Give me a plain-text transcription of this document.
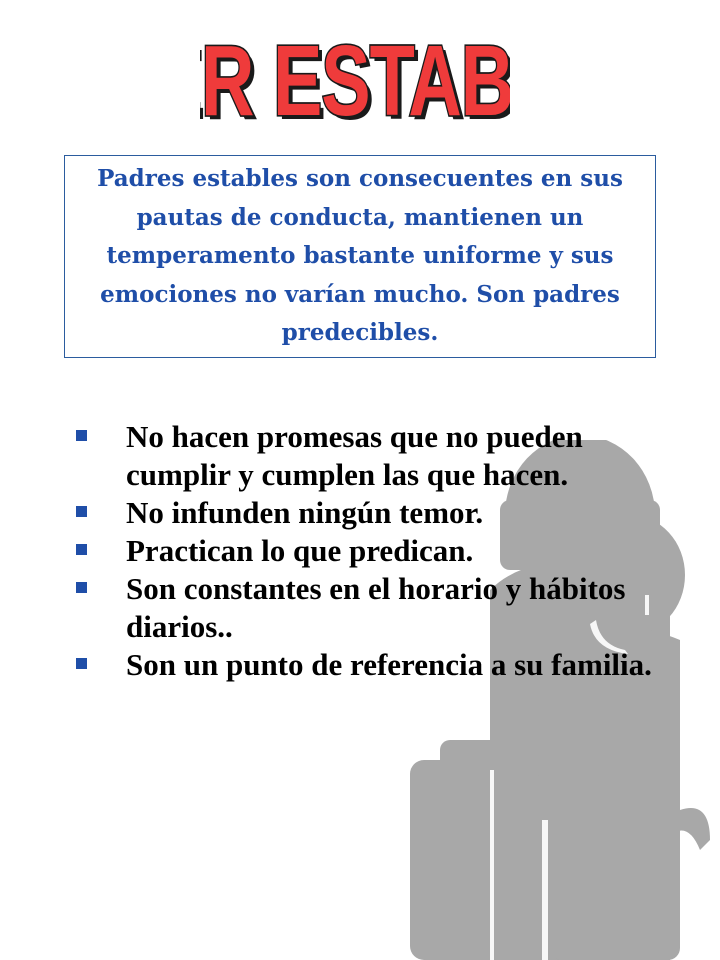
R ESTAB
R ESTAB

Padres estables son consecuentes en sus pautas de conducta, mantienen un temperamento bastante uniforme y sus emociones no varían mucho. Son padres predecibles.

No hacen promesas que no pueden cumplir y cumplen las que hacen.
No infunden ningún temor.
Practican lo que predican.
Son constantes en el horario y hábitos diarios..
Son un punto de referencia a su familia.
